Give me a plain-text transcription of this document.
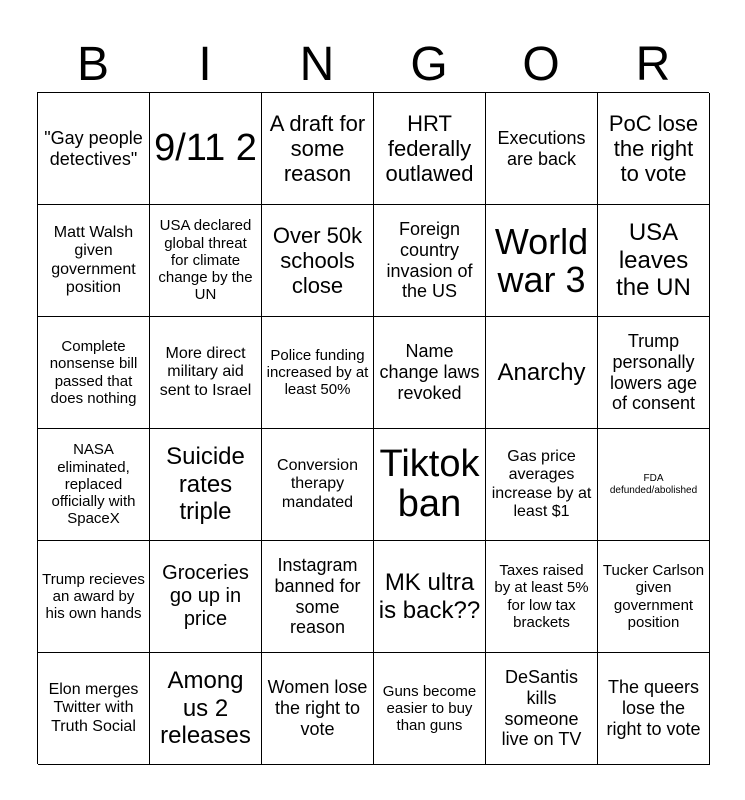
B	I	N	G	O	R
"Gay people detectives" 9/11 2
A draft for some reason
HRT federally outlawed
Executions are back
PoC lose the right to vote
Matt Walsh given government position
USA declared global threat for climate change by the UN
Over 50k schools close
Foreign country invasion of the US
World war 3
USA leaves the UN
Complete nonsense bill passed that does nothing
More direct military aid sent to Israel
Police funding increased by at least 50%
Name change laws revoked
Anarchy
Trump personally lowers age of consent
NASA eliminated, replaced officially with SpaceX
Suicide rates triple
Conversion therapy mandated
Tiktok ban
Gas price averages increase by at least $1
FDA defunded/abolished
Trump recieves an award by his own hands
Groceries go up in price
Instagram banned for some reason
MK ultra is back??
Taxes raised by at least 5% for low tax brackets
Tucker Carlson given government position
Elon merges Twitter with Truth Social
Among us 2 releases
Women lose the right to vote
Guns become easier to buy than guns
DeSantis kills someone live on TV
The queers lose the right to vote
